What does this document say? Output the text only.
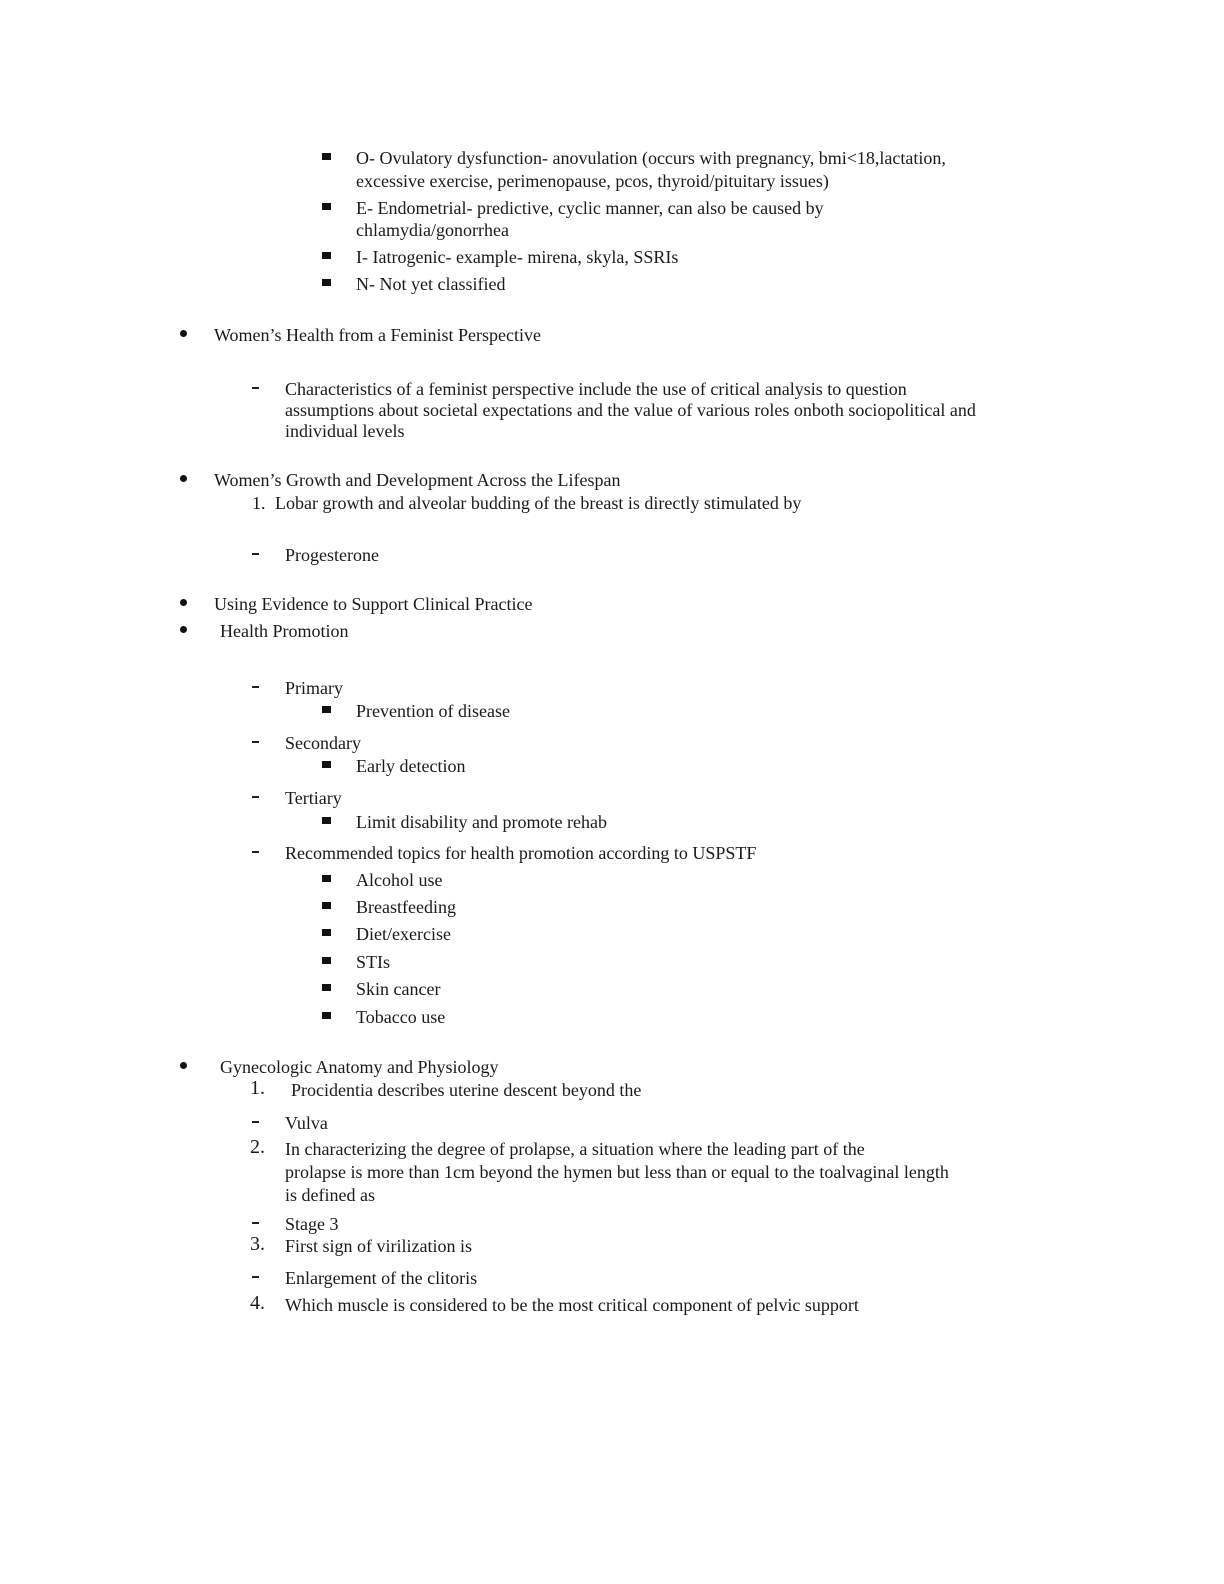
O- Ovulatory dysfunction- anovulation (occurs with pregnancy, bmi<18,lactation,
excessive exercise, perimenopause, pcos, thyroid/pituitary issues)
E- Endometrial- predictive, cyclic manner, can also be caused by
chlamydia/gonorrhea
I- Iatrogenic- example- mirena, skyla, SSRIs
N- Not yet classified
Women’s Health from a Feminist Perspective
Characteristics of a feminist perspective include the use of critical analysis to question
assumptions about societal expectations and the value of various roles onboth sociopolitical and
individual levels
Women’s Growth and Development Across the Lifespan
1. Lobar growth and alveolar budding of the breast is directly stimulated by
Progesterone
Using Evidence to Support Clinical Practice
Health Promotion
Primary
Prevention of disease
Secondary
Early detection
Tertiary
Limit disability and promote rehab
Recommended topics for health promotion according to USPSTF
Alcohol use
Breastfeeding
Diet/exercise
STIs
Skin cancer
Tobacco use
Gynecologic Anatomy and Physiology
1. Procidentia describes uterine descent beyond the
Vulva
2. In characterizing the degree of prolapse, a situation where the leading part of the
prolapse is more than 1cm beyond the hymen but less than or equal to the toalvaginal length
is defined as
Stage 3
3. First sign of virilization is
Enlargement of the clitoris
4. Which muscle is considered to be the most critical component of pelvic support
